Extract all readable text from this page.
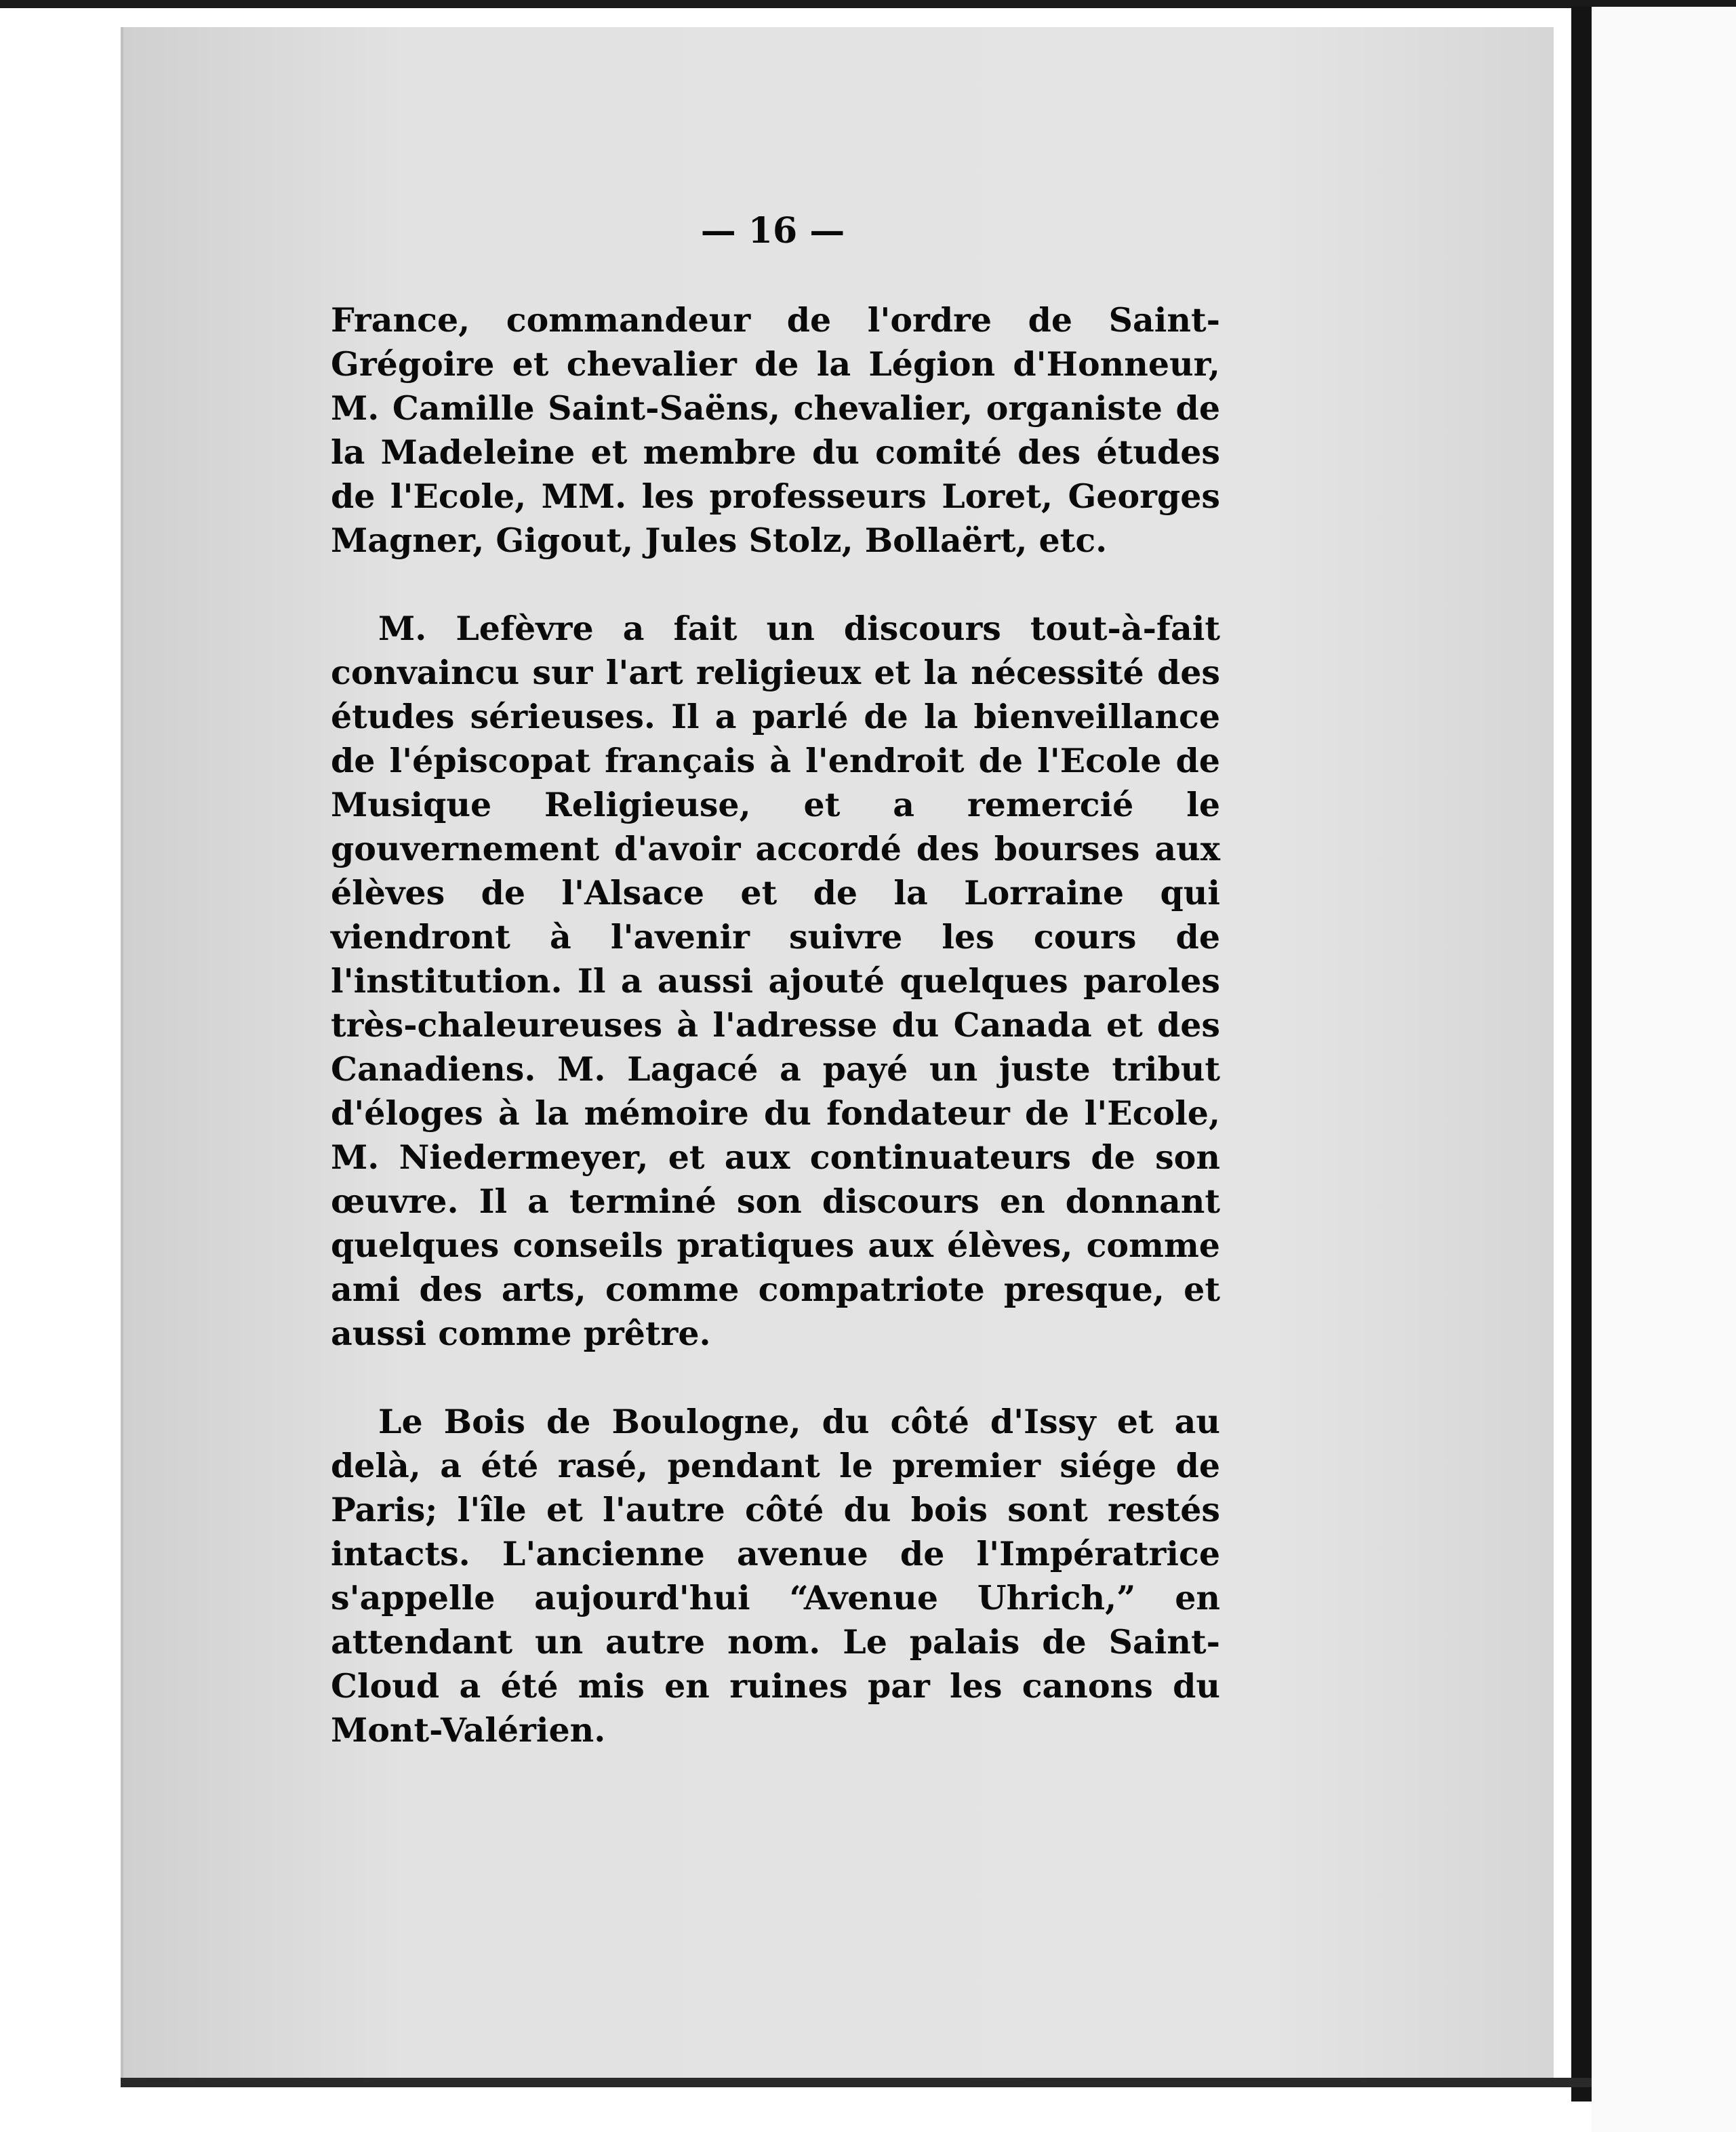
— 16 —

France, commandeur de l'ordre de Saint-Grégoire et chevalier de la Légion d'Honneur, M. Camille Saint-Saëns, chevalier, organiste de la Madeleine et membre du comité des études de l'Ecole, MM. les professeurs Loret, Georges Magner, Gigout, Jules Stolz, Bollaërt, etc.

M. Lefèvre a fait un discours tout-à-fait convaincu sur l'art religieux et la nécessité des études sérieuses. Il a parlé de la bienveillance de l'épiscopat français à l'endroit de l'Ecole de Musique Religieuse, et a remercié le gouvernement d'avoir accordé des bourses aux élèves de l'Alsace et de la Lorraine qui viendront à l'avenir suivre les cours de l'institution. Il a aussi ajouté quelques paroles très-chaleureuses à l'adresse du Canada et des Canadiens. M. Lagacé a payé un juste tribut d'éloges à la mémoire du fondateur de l'Ecole, M. Niedermeyer, et aux continuateurs de son œuvre. Il a terminé son discours en donnant quelques conseils pratiques aux élèves, comme ami des arts, comme compatriote presque, et aussi comme prêtre.

Le Bois de Boulogne, du côté d'Issy et au delà, a été rasé, pendant le premier siége de Paris; l'île et l'autre côté du bois sont restés intacts. L'ancienne avenue de l'Impératrice s'appelle aujourd'hui “Avenue Uhrich,” en attendant un autre nom. Le palais de Saint-Cloud a été mis en ruines par les canons du Mont-Valérien.
